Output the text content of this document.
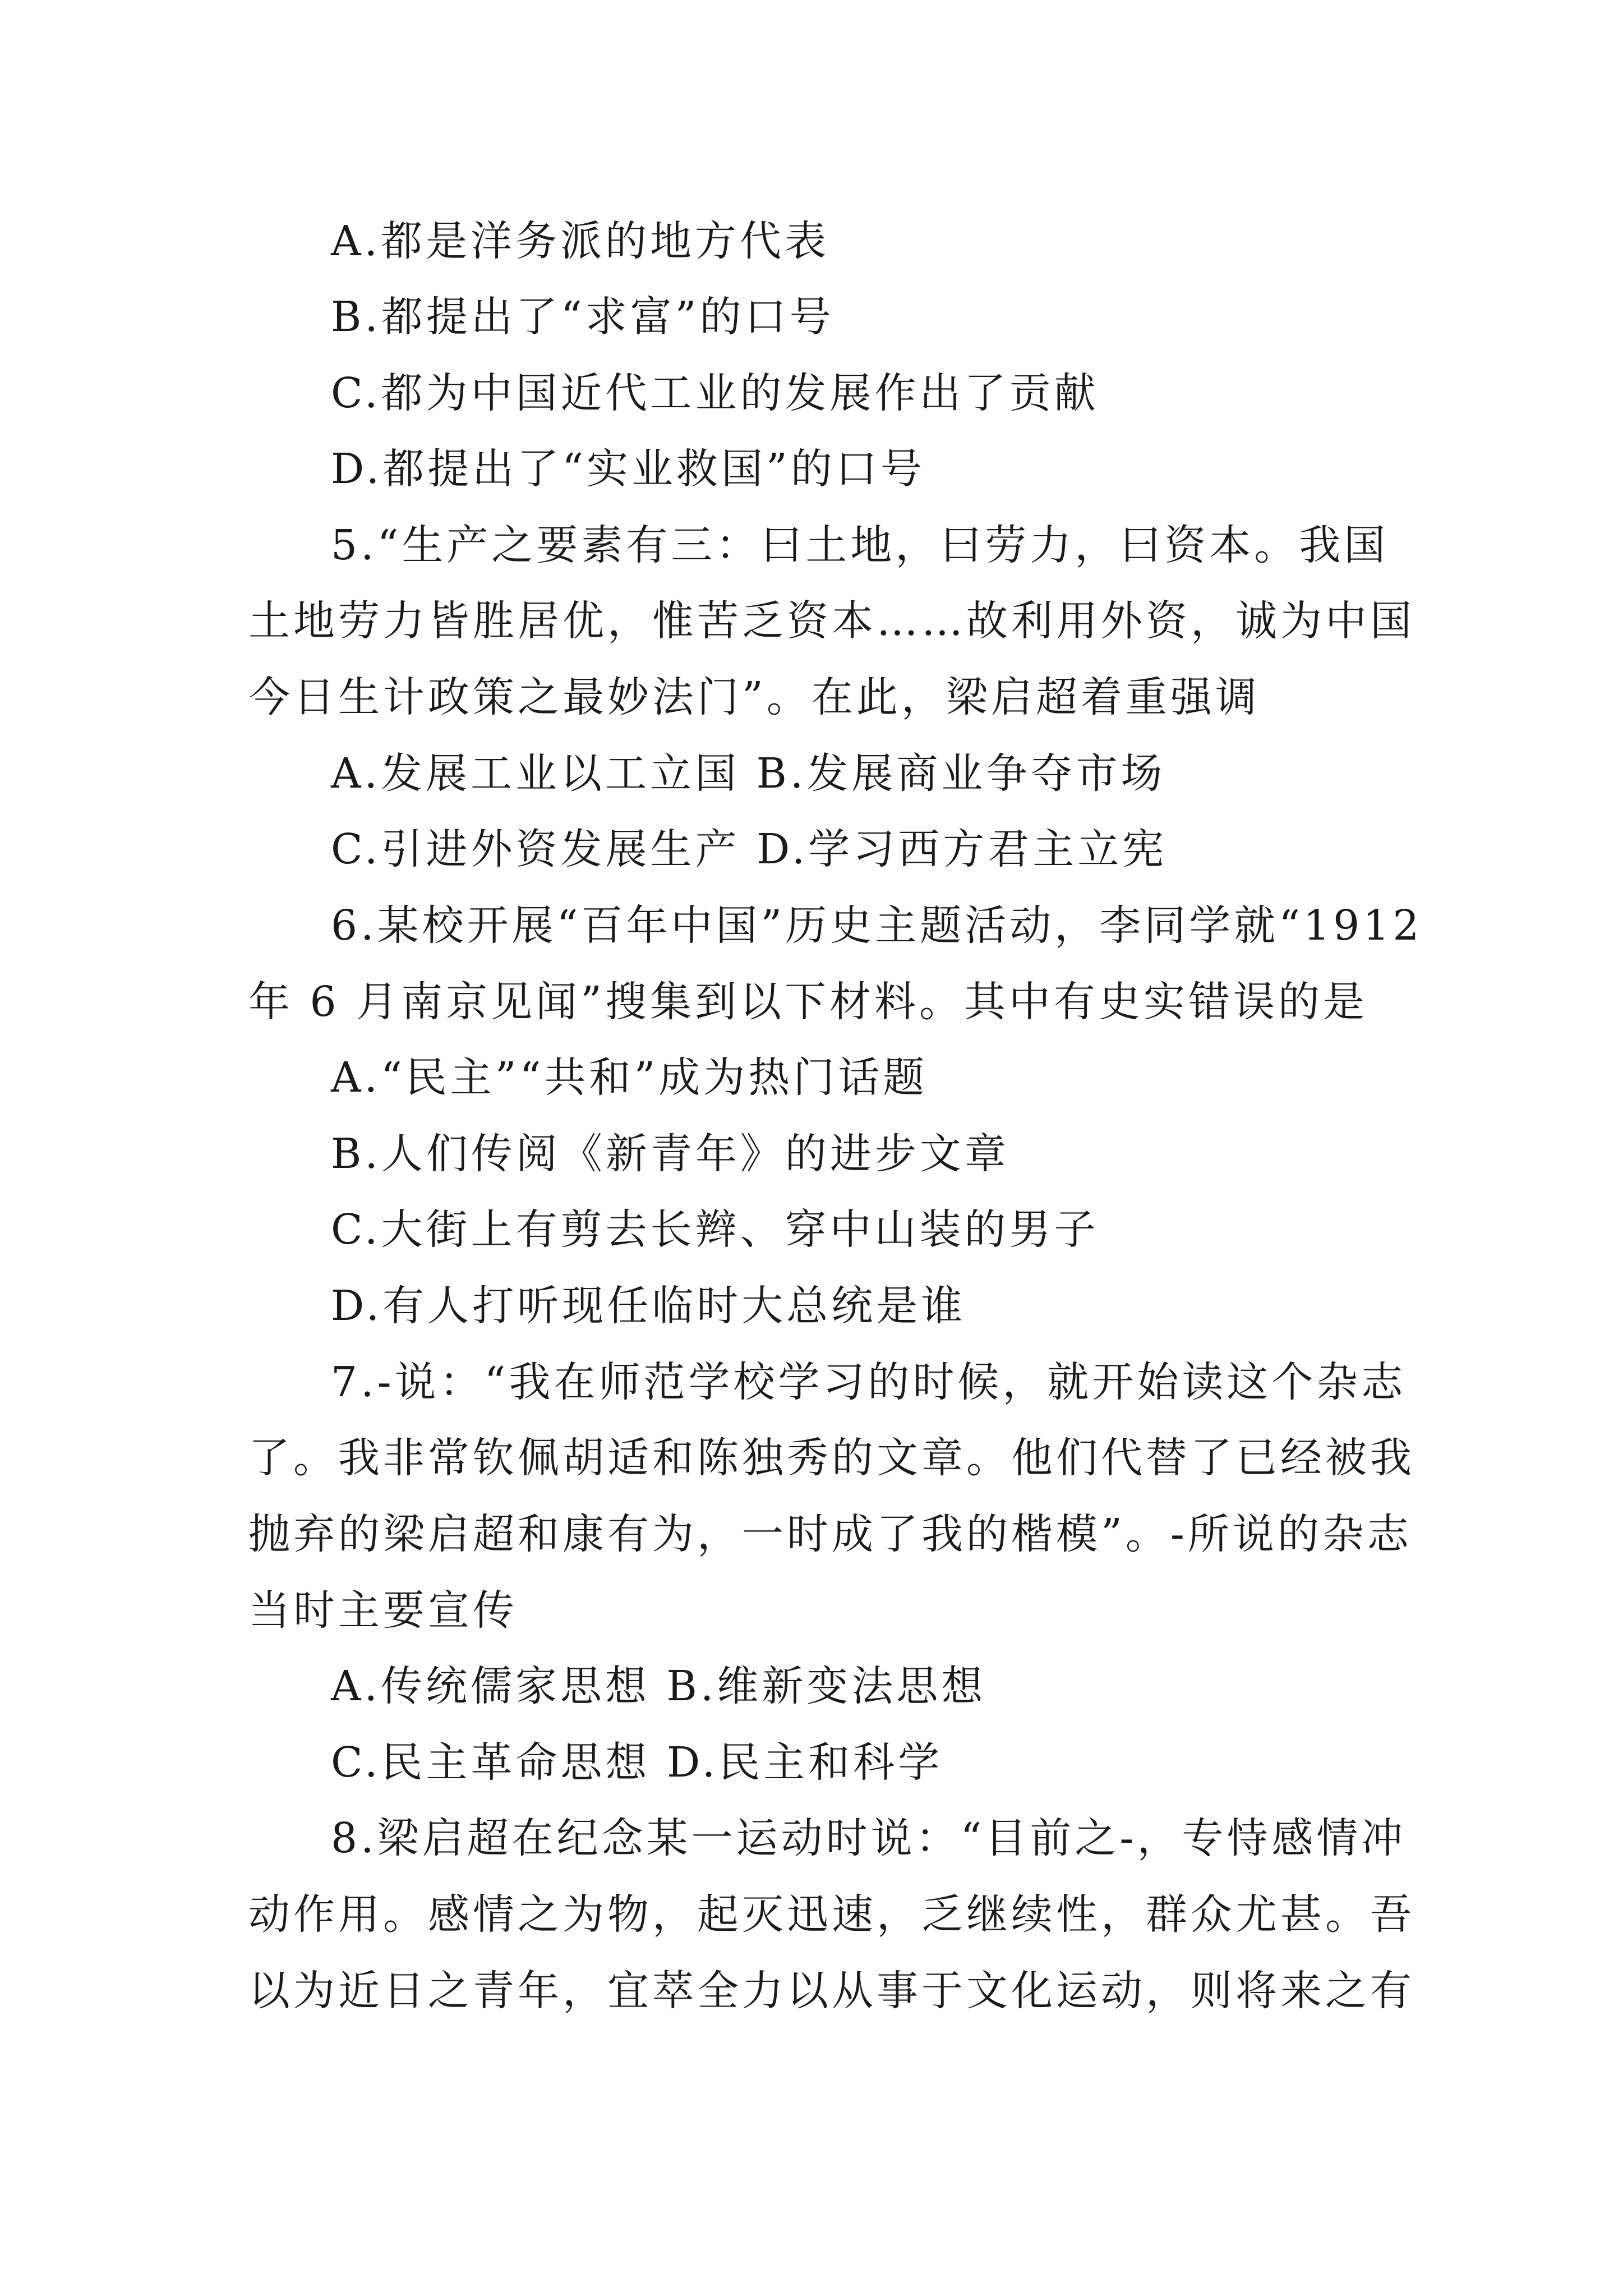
A.都是洋务派的地方代表
B.都提出了“求富”的口号
C.都为中国近代工业的发展作出了贡献
D.都提出了“实业救国”的口号
5.“生产之要素有三：曰土地，曰劳力，曰资本。我国
土地劳力皆胜居优，惟苦乏资本……故利用外资，诚为中国
今日生计政策之最妙法门”。在此，梁启超着重强调
A.发展工业以工立国 B.发展商业争夺市场
C.引进外资发展生产 D.学习西方君主立宪
6.某校开展“百年中国”历史主题活动，李同学就“1912
年 6 月南京见闻”搜集到以下材料。其中有史实错误的是
A.“民主”“共和”成为热门话题
B.人们传阅《新青年》的进步文章
C.大街上有剪去长辫、穿中山装的男子
D.有人打听现任临时大总统是谁
7.-说：“我在师范学校学习的时候，就开始读这个杂志
了。我非常钦佩胡适和陈独秀的文章。他们代替了已经被我
抛弃的梁启超和康有为，一时成了我的楷模”。-所说的杂志
当时主要宣传
A.传统儒家思想 B.维新变法思想
C.民主革命思想 D.民主和科学
8.梁启超在纪念某一运动时说：“目前之-，专恃感情冲
动作用。感情之为物，起灭迅速，乏继续性，群众尤甚。吾
以为近日之青年，宜萃全力以从事于文化运动，则将来之有
